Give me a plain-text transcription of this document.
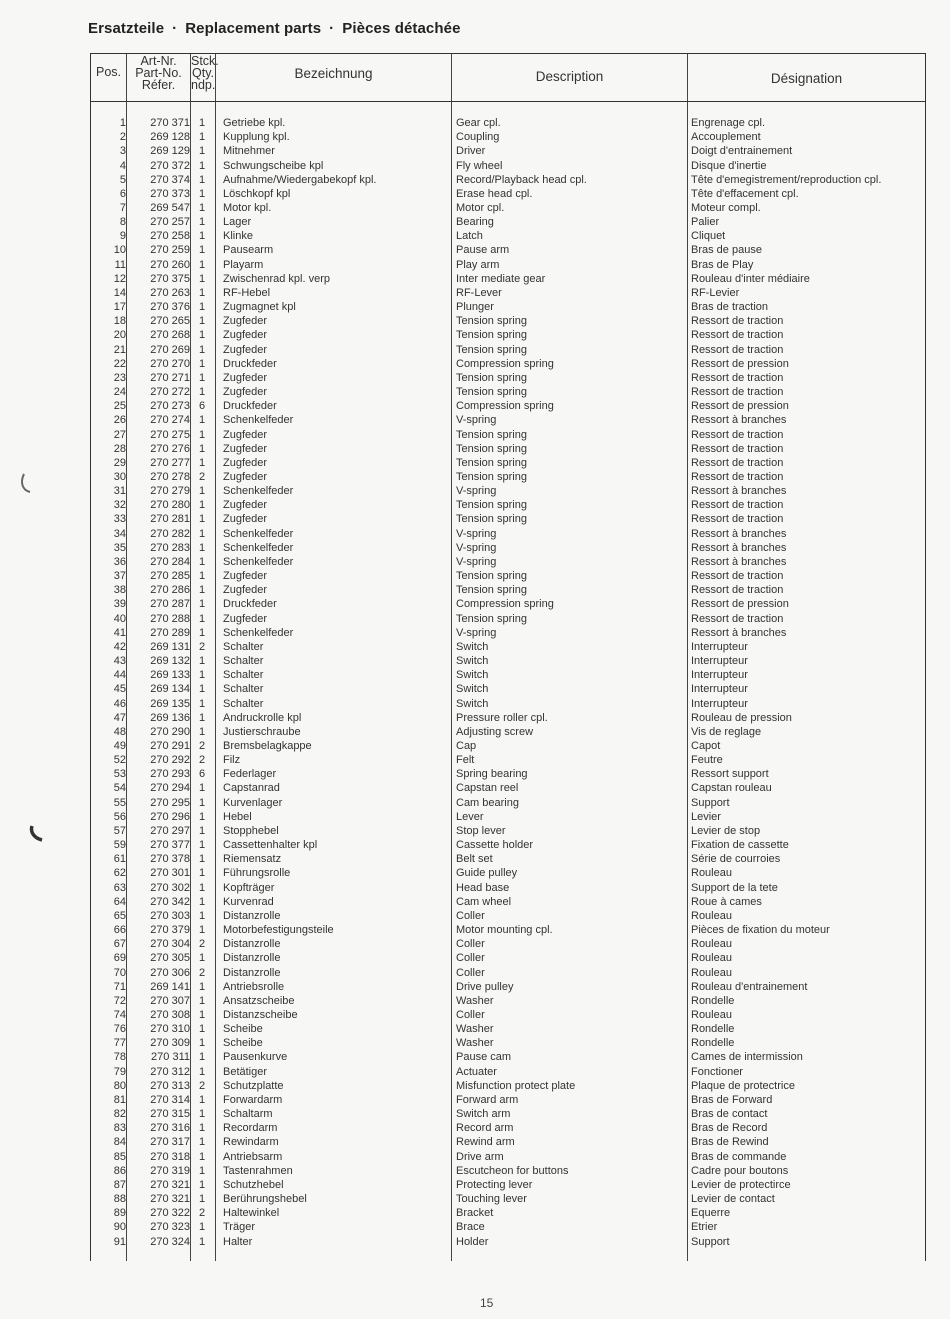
Ersatzteile · Replacement parts · Pièces détachée
Pos.
Art-Nr.
Part-No.
Réfer.
Stck.
Qty.
ndp.
Bezeichnung	Description	Désignation
1	270 371 1	Getriebe kpl.	Gear cpl.	Engrenage cpl.
2	269 128 1	Kupplung kpl.	Coupling	Accouplement
3	269 129 1	Mitnehmer	Driver	Doigt d'entrainement
4	270 372 1	Schwungscheibe kpl	Fly wheel	Disque d'inertie
5	270 374 1	Aufnahme/Wiedergabekopf kpl.	Record/Playback head cpl.	Tête d'emegistrement/reproduction cpl.
6	270 373 1	Löschkopf kpl	Erase head cpl.	Tête d'effacement cpl.
7	269 547 1	Motor kpl.	Motor cpl.	Moteur compl.
8	270 257 1	Lager	Bearing	Palier
9	270 258 1	Klinke	Latch	Cliquet
10	270 259 1	Pausearm	Pause arm	Bras de pause
11	270 260 1	Playarm	Play arm	Bras de Play
12	270 375 1	Zwischenrad kpl. verp	Inter mediate gear	Rouleau d'inter médiaire
14	270 263 1	RF-Hebel	RF-Lever	RF-Levier
17	270 376 1	Zugmagnet kpl	Plunger	Bras de traction
18	270 265 1	Zugfeder	Tension spring	Ressort de traction
20	270 268 1	Zugfeder	Tension spring	Ressort de traction
21	270 269 1	Zugfeder	Tension spring	Ressort de traction
22	270 270 1	Druckfeder	Compression spring	Ressort de pression
23	270 271 1	Zugfeder	Tension spring	Ressort de traction
24	270 272 1	Zugfeder	Tension spring	Ressort de traction
25	270 273 6	Druckfeder	Compression spring	Ressort de pression
26	270 274 1	Schenkelfeder	V-spring	Ressort à branches
27	270 275 1	Zugfeder	Tension spring	Ressort de traction
28	270 276 1	Zugfeder	Tension spring	Ressort de traction
29	270 277 1	Zugfeder	Tension spring	Ressort de traction
30	270 278 2	Zugfeder	Tension spring	Ressort de traction
31	270 279 1	Schenkelfeder	V-spring	Ressort à branches
32	270 280 1	Zugfeder	Tension spring	Ressort de traction
33	270 281 1	Zugfeder	Tension spring	Ressort de traction
34	270 282 1	Schenkelfeder	V-spring	Ressort à branches
35	270 283 1	Schenkelfeder	V-spring	Ressort à branches
36	270 284 1	Schenkelfeder	V-spring	Ressort à branches
37	270 285 1	Zugfeder	Tension spring	Ressort de traction
38	270 286 1	Zugfeder	Tension spring	Ressort de traction
39	270 287 1	Druckfeder	Compression spring	Ressort de pression
40	270 288 1	Zugfeder	Tension spring	Ressort de traction
41	270 289 1	Schenkelfeder	V-spring	Ressort à branches
42	269 131 2	Schalter	Switch	Interrupteur
43	269 132 1	Schalter	Switch	Interrupteur
44	269 133 1	Schalter	Switch	Interrupteur
45	269 134 1	Schalter	Switch	Interrupteur
46	269 135 1	Schalter	Switch	Interrupteur
47	269 136 1	Andruckrolle kpl	Pressure roller cpl.	Rouleau de pression
48	270 290 1	Justierschraube	Adjusting screw	Vis de reglage
49	270 291 2	Bremsbelagkappe	Cap	Capot
52	270 292 2	Filz	Felt	Feutre
53	270 293 6	Federlager	Spring bearing	Ressort support
54	270 294 1	Capstanrad	Capstan reel	Capstan rouleau
55	270 295 1	Kurvenlager	Cam bearing	Support
56	270 296 1	Hebel	Lever	Levier
57	270 297 1	Stopphebel	Stop lever	Levier de stop
59	270 377 1	Cassettenhalter kpl	Cassette holder	Fixation de cassette
61	270 378 1	Riemensatz	Belt set	Série de courroies
62	270 301 1	Führungsrolle	Guide pulley	Rouleau
63	270 302 1	Kopfträger	Head base	Support de la tete
64	270 342 1	Kurvenrad	Cam wheel	Roue à cames
65	270 303 1	Distanzrolle	Coller	Rouleau
66	270 379 1	Motorbefestigungsteile	Motor mounting cpl.	Pièces de fixation du moteur
67	270 304 2	Distanzrolle	Coller	Rouleau
69	270 305 1	Distanzrolle	Coller	Rouleau
70	270 306 2	Distanzrolle	Coller	Rouleau
71	269 141 1	Antriebsrolle	Drive pulley	Rouleau d'entrainement
72	270 307 1	Ansatzscheibe	Washer	Rondelle
74	270 308 1	Distanzscheibe	Coller	Rouleau
76	270 310 1	Scheibe	Washer	Rondelle
77	270 309 1	Scheibe	Washer	Rondelle
78	270 311 1	Pausenkurve	Pause cam	Cames de intermission
79	270 312 1	Betätiger	Actuater	Fonctioner
80	270 313 2	Schutzplatte	Misfunction protect plate	Plaque de protectrice
81	270 314 1	Forwardarm	Forward arm	Bras de Forward
82	270 315 1	Schaltarm	Switch arm	Bras de contact
83	270 316 1	Recordarm	Record arm	Bras de Record
84	270 317 1	Rewindarm	Rewind arm	Bras de Rewind
85	270 318 1	Antriebsarm	Drive arm	Bras de commande
86	270 319 1	Tastenrahmen	Escutcheon for buttons	Cadre pour boutons
87	270 321 1	Schutzhebel	Protecting lever	Levier de protectirce
88	270 321 1	Berührungshebel	Touching lever	Levier de contact
89	270 322 2	Haltewinkel	Bracket	Equerre
90	270 323 1	Träger	Brace	Etrier
91	270 324 1	Halter	Holder	Support
15
